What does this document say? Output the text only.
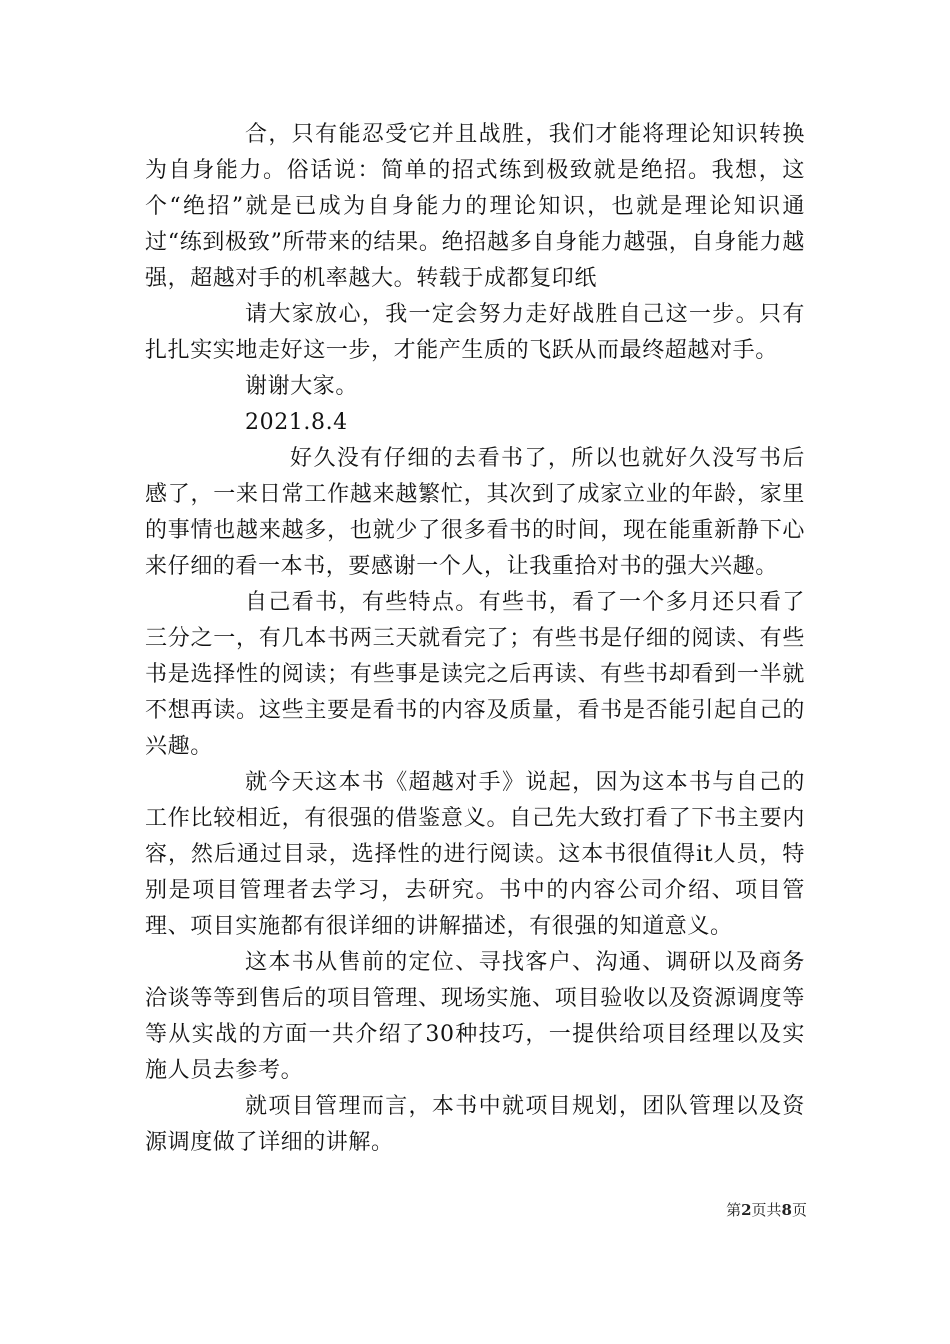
合，只有能忍受它并且战胜，我们才能将理论知识转换为自身能力。俗话说：简单的招式练到极致就是绝招。我想，这个“绝招”就是已成为自身能力的理论知识，也就是理论知识通过“练到极致”所带来的结果。绝招越多自身能力越强，自身能力越强，超越对手的机率越大。转载于成都复印纸

请大家放心，我一定会努力走好战胜自己这一步。只有扎扎实实地走好这一步，才能产生质的飞跃从而最终超越对手。

谢谢大家。

2021.8.4

好久没有仔细的去看书了，所以也就好久没写书后感了，一来日常工作越来越繁忙，其次到了成家立业的年龄，家里的事情也越来越多，也就少了很多看书的时间，现在能重新静下心来仔细的看一本书，要感谢一个人，让我重拾对书的强大兴趣。

自己看书，有些特点。有些书，看了一个多月还只看了三分之一，有几本书两三天就看完了；有些书是仔细的阅读、有些书是选择性的阅读；有些事是读完之后再读、有些书却看到一半就不想再读。这些主要是看书的内容及质量，看书是否能引起自己的兴趣。

就今天这本书《超越对手》说起，因为这本书与自己的工作比较相近，有很强的借鉴意义。自己先大致打看了下书主要内容，然后通过目录，选择性的进行阅读。这本书很值得it人员，特别是项目管理者去学习，去研究。书中的内容公司介绍、项目管理、项目实施都有很详细的讲解描述，有很强的知道意义。

这本书从售前的定位、寻找客户、沟通、调研以及商务洽谈等等到售后的项目管理、现场实施、项目验收以及资源调度等等从实战的方面一共介绍了30种技巧，一提供给项目经理以及实施人员去参考。

就项目管理而言，本书中就项目规划，团队管理以及资源调度做了详细的讲解。

第2页共8页
